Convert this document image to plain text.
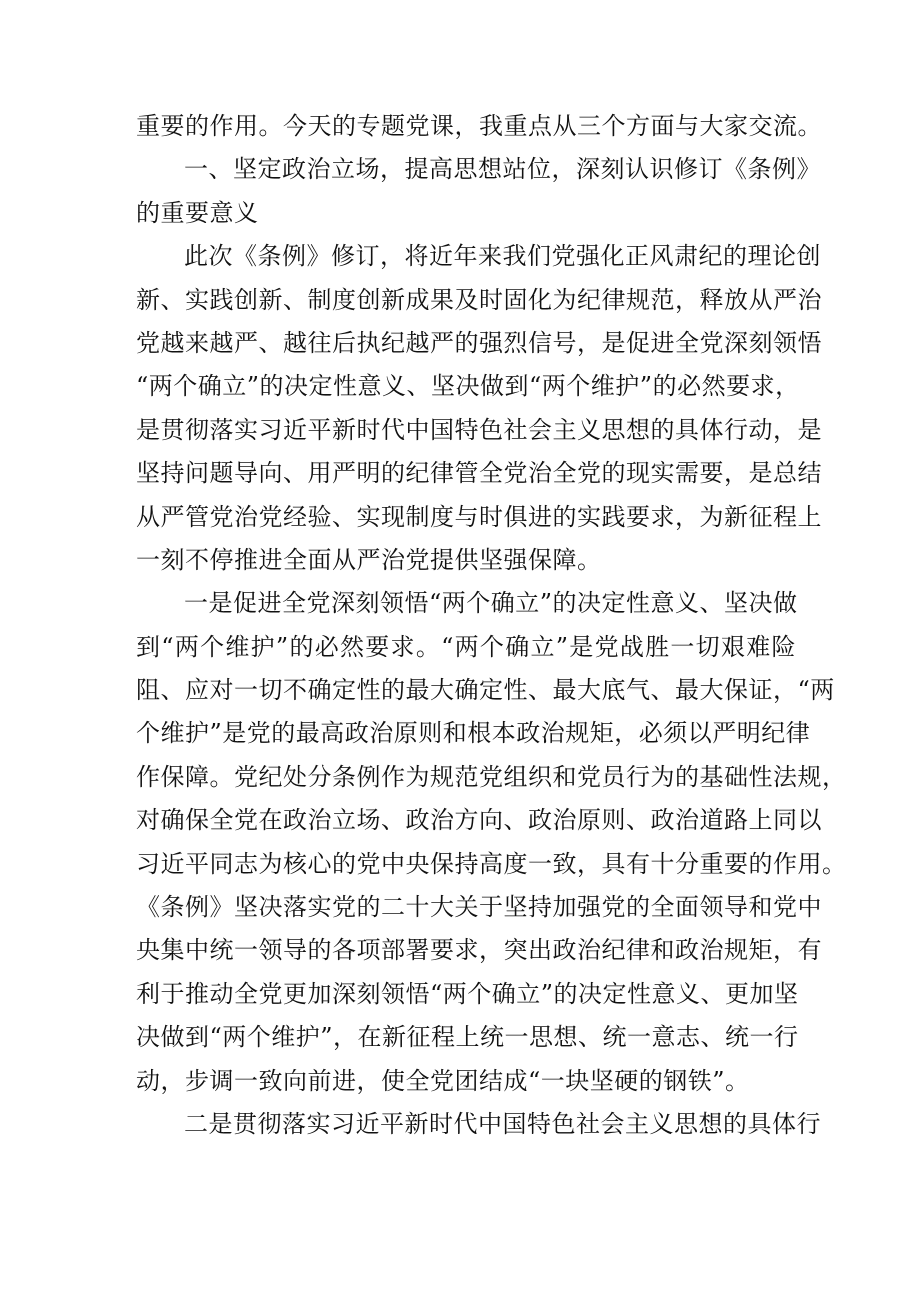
重要的作用。今天的专题党课，我重点从三个方面与大家交流。
一、坚定政治立场，提高思想站位，深刻认识修订《条例》
的重要意义
此次《条例》修订，将近年来我们党强化正风肃纪的理论创
新、实践创新、制度创新成果及时固化为纪律规范，释放从严治
党越来越严、越往后执纪越严的强烈信号，是促进全党深刻领悟
“两个确立”的决定性意义、坚决做到“两个维护”的必然要求，
是贯彻落实习近平新时代中国特色社会主义思想的具体行动，是
坚持问题导向、用严明的纪律管全党治全党的现实需要，是总结
从严管党治党经验、实现制度与时俱进的实践要求，为新征程上
一刻不停推进全面从严治党提供坚强保障。
一是促进全党深刻领悟“两个确立”的决定性意义、坚决做
到“两个维护”的必然要求。“两个确立”是党战胜一切艰难险
阻、应对一切不确定性的最大确定性、最大底气、最大保证，“两
个维护”是党的最高政治原则和根本政治规矩，必须以严明纪律
作保障。党纪处分条例作为规范党组织和党员行为的基础性法规，
对确保全党在政治立场、政治方向、政治原则、政治道路上同以
习近平同志为核心的党中央保持高度一致，具有十分重要的作用。
《条例》坚决落实党的二十大关于坚持加强党的全面领导和党中
央集中统一领导的各项部署要求，突出政治纪律和政治规矩，有
利于推动全党更加深刻领悟“两个确立”的决定性意义、更加坚
决做到“两个维护”，在新征程上统一思想、统一意志、统一行
动，步调一致向前进，使全党团结成“一块坚硬的钢铁”。
二是贯彻落实习近平新时代中国特色社会主义思想的具体行
